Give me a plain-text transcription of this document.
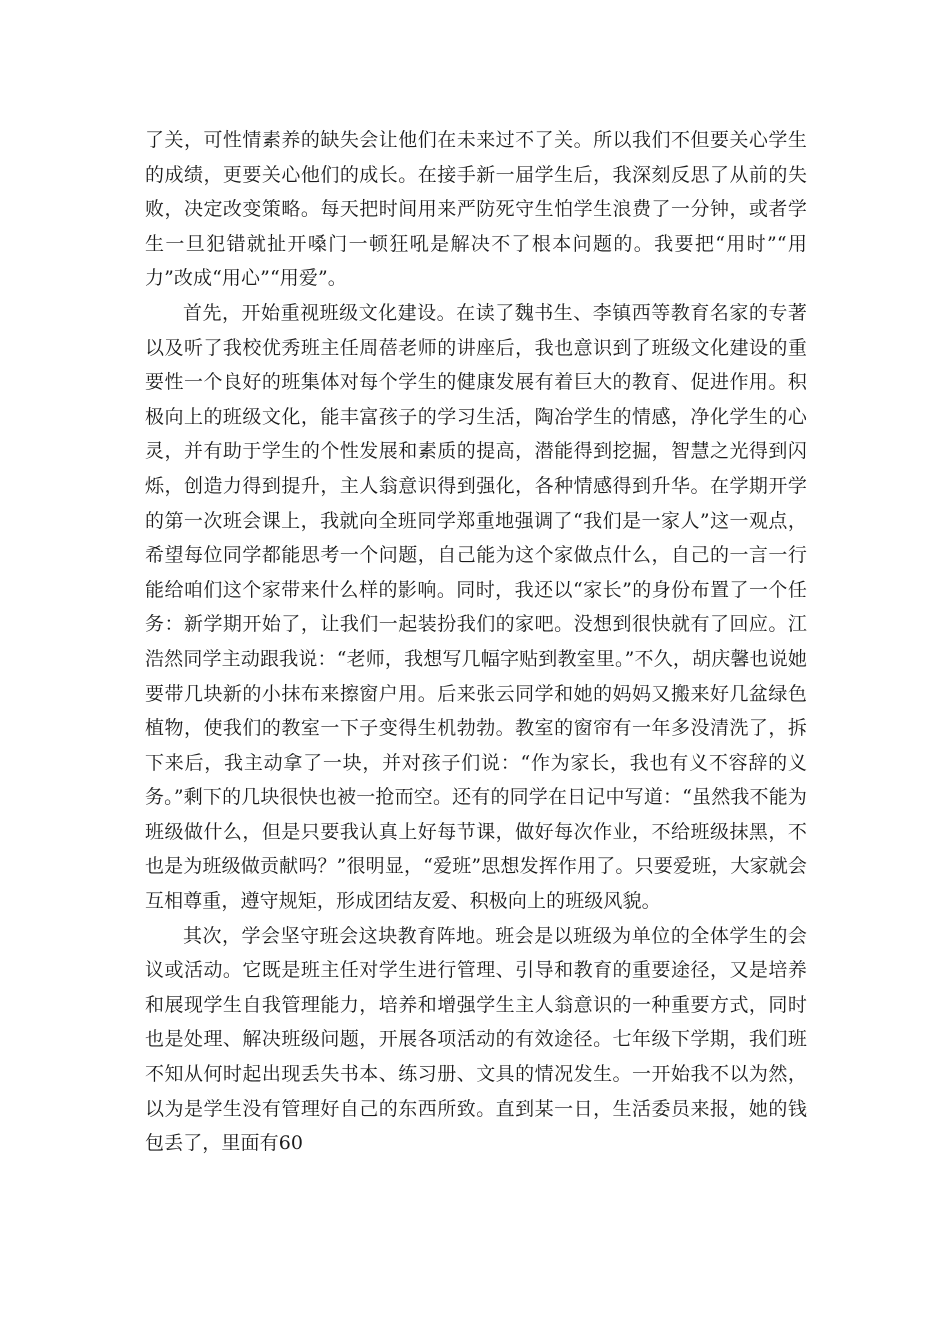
了关，可性情素养的缺失会让他们在未来过不了关。所以我们不但要关心学生的成绩，更要关心他们的成长。在接手新一届学生后，我深刻反思了从前的失败，决定改变策略。每天把时间用来严防死守生怕学生浪费了一分钟，或者学生一旦犯错就扯开嗓门一顿狂吼是解决不了根本问题的。我要把“用时”“用力”改成“用心”“用爱”。

首先，开始重视班级文化建设。在读了魏书生、李镇西等教育名家的专著以及听了我校优秀班主任周蓓老师的讲座后，我也意识到了班级文化建设的重要性一个良好的班集体对每个学生的健康发展有着巨大的教育、促进作用。积极向上的班级文化，能丰富孩子的学习生活，陶冶学生的情感，净化学生的心灵，并有助于学生的个性发展和素质的提高，潜能得到挖掘，智慧之光得到闪烁，创造力得到提升，主人翁意识得到强化，各种情感得到升华。在学期开学的第一次班会课上，我就向全班同学郑重地强调了“我们是一家人”这一观点，希望每位同学都能思考一个问题，自己能为这个家做点什么，自己的一言一行能给咱们这个家带来什么样的影响。同时，我还以“家长”的身份布置了一个任务：新学期开始了，让我们一起装扮我们的家吧。没想到很快就有了回应。江浩然同学主动跟我说：“老师，我想写几幅字贴到教室里。”不久，胡庆馨也说她要带几块新的小抹布来擦窗户用。后来张云同学和她的妈妈又搬来好几盆绿色植物，使我们的教室一下子变得生机勃勃。教室的窗帘有一年多没清洗了，拆下来后，我主动拿了一块，并对孩子们说：“作为家长，我也有义不容辞的义务。”剩下的几块很快也被一抢而空。还有的同学在日记中写道：“虽然我不能为班级做什么，但是只要我认真上好每节课，做好每次作业，不给班级抹黑，不也是为班级做贡献吗？”很明显，“爱班”思想发挥作用了。只要爱班，大家就会互相尊重，遵守规矩，形成团结友爱、积极向上的班级风貌。

其次，学会坚守班会这块教育阵地。班会是以班级为单位的全体学生的会议或活动。它既是班主任对学生进行管理、引导和教育的重要途径，又是培养和展现学生自我管理能力，培养和增强学生主人翁意识的一种重要方式，同时也是处理、解决班级问题，开展各项活动的有效途径。七年级下学期，我们班不知从何时起出现丢失书本、练习册、文具的情况发生。一开始我不以为然，以为是学生没有管理好自己的东西所致。直到某一日，生活委员来报，她的钱包丢了，里面有60
